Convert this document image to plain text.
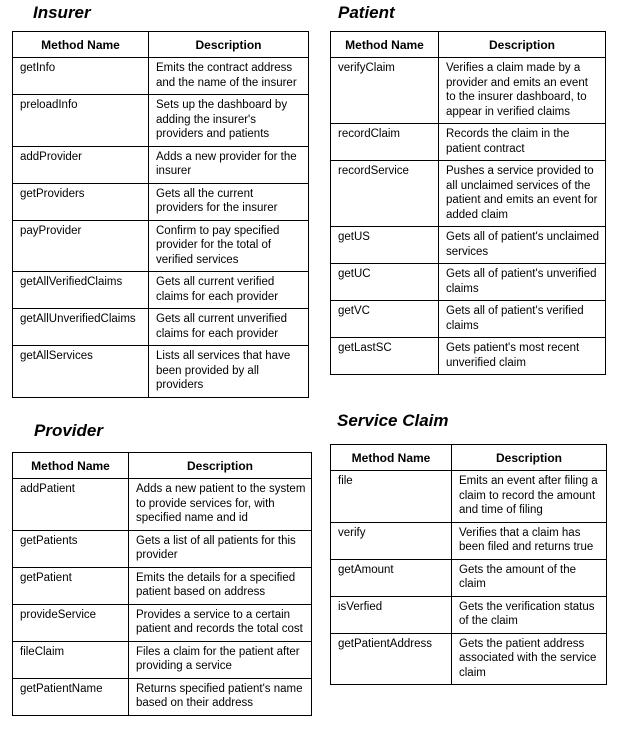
Insurer
Method Name	Description
getInfo	Emits the contract address and the name of the insurer
preloadInfo	Sets up the dashboard by adding the insurer's providers and patients
addProvider	Adds a new provider for the insurer
getProviders	Gets all the current providers for the insurer
payProvider	Confirm to pay specified provider for the total of verified services
getAllVerifiedClaims	Gets all current verified claims for each provider
getAllUnverifiedClaims	Gets all current unverified claims for each provider
getAllServices	Lists all services that have been provided by all providers
Patient
Method Name	Description
verifyClaim	Verifies a claim made by a provider and emits an event to the insurer dashboard, to appear in verified claims
recordClaim	Records the claim in the patient contract
recordService	Pushes a service provided to all unclaimed services of the patient and emits an event for added claim
getUS	Gets all of patient's unclaimed services
getUC	Gets all of patient's unverified claims
getVC	Gets all of patient's verified claims
getLastSC	Gets patient's most recent unverified claim
Provider
Method Name	Description
addPatient	Adds a new patient to the system to provide services for, with specified name and id
getPatients	Gets a list of all patients for this provider
getPatient	Emits the details for a specified patient based on address
provideService	Provides a service to a certain patient and records the total cost
fileClaim	Files a claim for the patient after providing a service
getPatientName	Returns specified patient's name based on their address
Service Claim
Method Name	Description
file	Emits an event after filing a claim to record the amount and time of filing
verify	Verifies that a claim has been filed and returns true
getAmount	Gets the amount of the claim
isVerfied	Gets the verification status of the claim
getPatientAddress	Gets the patient address associated with the service claim
